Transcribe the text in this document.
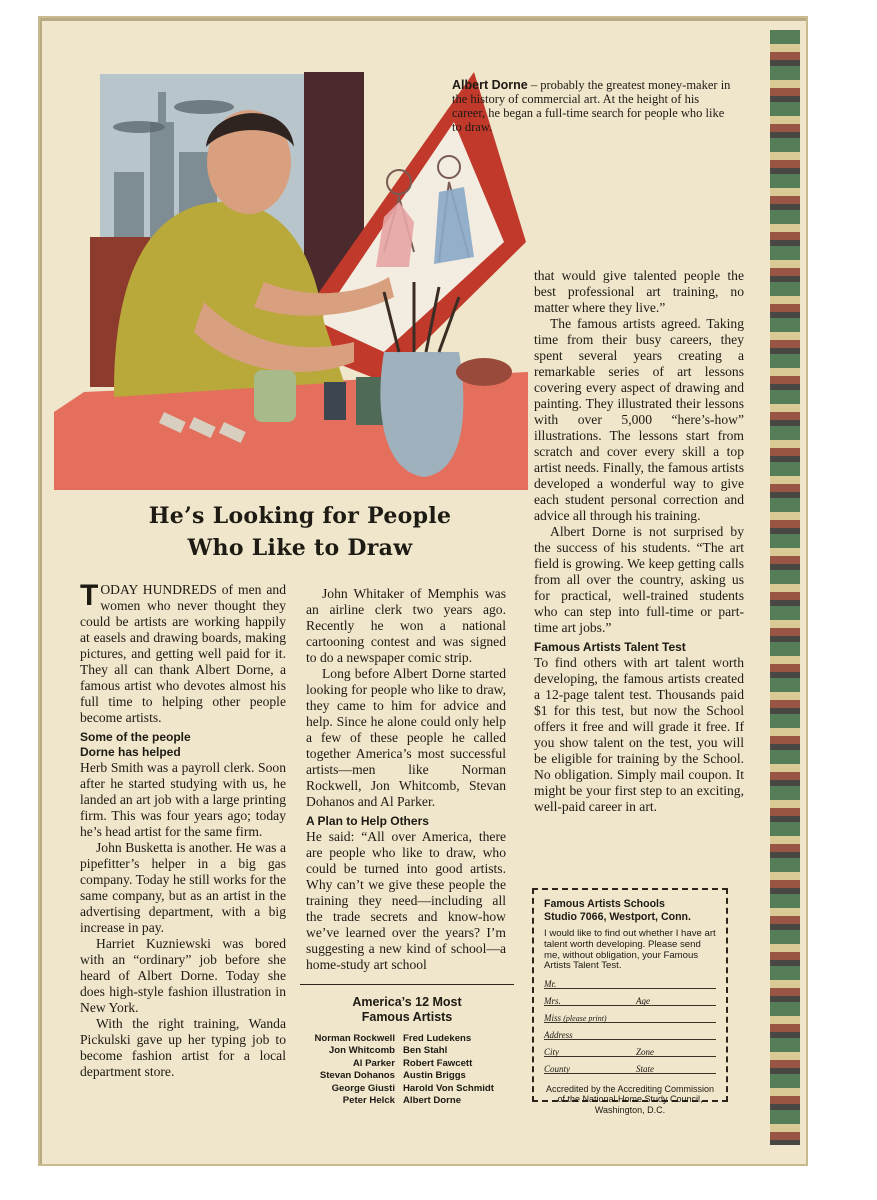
Albert Dorne – probably the greatest money-maker in the history of commercial art. At the height of his career, he began a full-time search for people who like to draw.
He’s Looking for People
Who Like to Draw

TODAY HUNDREDS of men and women who never thought they could be artists are working happily at easels and drawing boards, making pictures, and getting well paid for it. They all can thank Albert Dorne, a famous artist who devotes almost his full time to helping other people become artists.

Some of the people
Dorne has helped

Herb Smith was a payroll clerk. Soon after he started studying with us, he landed an art job with a large printing firm. This was four years ago; today he’s head artist for the same firm.

John Busketta is another. He was a pipefitter’s helper in a big gas company. Today he still works for the same company, but as an artist in the advertising department, with a big increase in pay.

Harriet Kuzniewski was bored with an “ordinary” job before she heard of Albert Dorne. Today she does high-style fashion illustration in New York.

With the right training, Wanda Pickulski gave up her typing job to become fashion artist for a local department store.

John Whitaker of Memphis was an airline clerk two years ago. Recently he won a national cartooning contest and was signed to do a newspaper comic strip.

Long before Albert Dorne started looking for people who like to draw, they came to him for advice and help. Since he alone could only help a few of these people he called together America’s most successful artists—men like Norman Rockwell, Jon Whitcomb, Stevan Dohanos and Al Parker.

A Plan to Help Others

He said: “All over America, there are people who like to draw, who could be turned into good artists. Why can’t we give these people the training they need—including all the trade secrets and know-how we’ve learned over the years? I’m suggesting a new kind of school—a home-study art school

that would give talented people the best professional art training, no matter where they live.”

The famous artists agreed. Taking time from their busy careers, they spent several years creating a remarkable series of art lessons covering every aspect of drawing and painting. They illustrated their lessons with over 5,000 “here’s-how” illustrations. The lessons start from scratch and cover every skill a top artist needs. Finally, the famous artists developed a wonderful way to give each student personal correction and advice all through his training.

Albert Dorne is not surprised by the success of his students. “The art field is growing. We keep getting calls from all over the country, asking us for practical, well-trained students who can step into full-time or part-time art jobs.”

Famous Artists Talent Test

To find others with art talent worth developing, the famous artists created a 12-page talent test. Thousands paid $1 for this test, but now the School offers it free and will grade it free. If you show talent on the test, you will be eligible for training by the School. No obligation. Simply mail coupon. It might be your first step to an exciting, well-paid career in art.

America’s 12 Most
Famous Artists
Norman Rockwell Fred Ludekens
Jon Whitcomb Ben Stahl
Al Parker Robert Fawcett
Stevan Dohanos Austin Briggs
George Giusti Harold Von Schmidt
Peter Helck Albert Dorne
Famous Artists Schools
Studio 7066, Westport, Conn.
I would like to find out whether I have art talent worth developing. Please send me, without obligation, your Famous Artists Talent Test.
Mr.
Mrs.	Age
Miss (please print)
Address
City	Zone
County	State
Accredited by the Accrediting Commission of the National Home Study Council, Washington, D.C.
